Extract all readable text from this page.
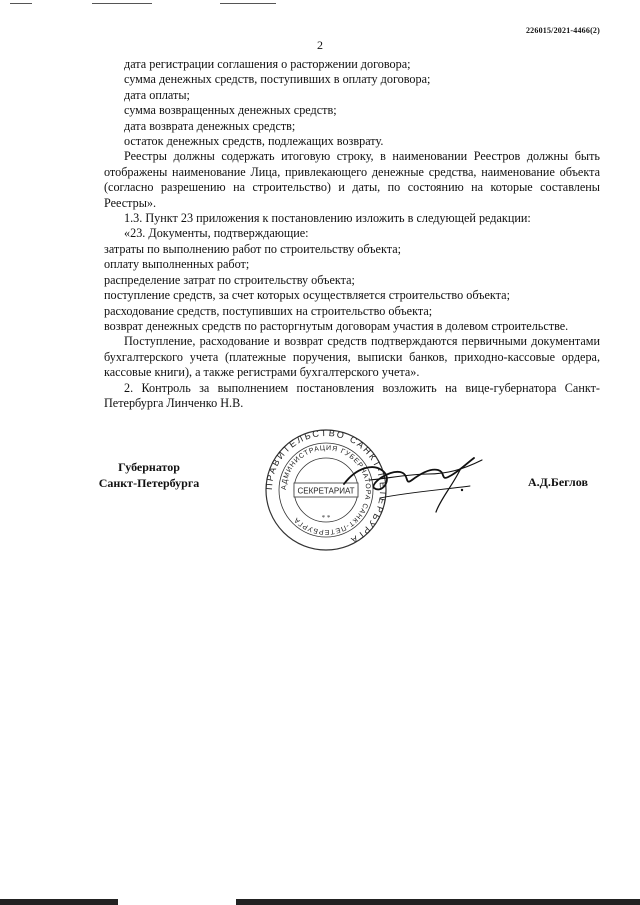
226015/2021-4466(2)
2
дата регистрации соглашения о расторжении договора;
сумма денежных средств, поступивших в оплату договора;
дата оплаты;
сумма возвращенных денежных средств;
дата возврата денежных средств;
остаток денежных средств, подлежащих возврату.
Реестры должны содержать итоговую строку, в наименовании Реестров должны быть отображены наименование Лица, привлекающего денежные средства, наименование объекта (согласно разрешению на строительство) и даты, по состоянию на которые составлены Реестры».
1.3. Пункт 23 приложения к постановлению изложить в следующей редакции:
«23. Документы, подтверждающие:
затраты по выполнению работ по строительству объекта;
оплату выполненных работ;
распределение затрат по строительству объекта;
поступление средств, за счет которых осуществляется строительство объекта;
расходование средств, поступивших на строительство объекта;
возврат денежных средств по расторгнутым договорам участия в долевом строительстве.
Поступление, расходование и возврат средств подтверждаются первичными документами бухгалтерского учета (платежные поручения, выписки банков, приходно-кассовые ордера, кассовые книги), а также регистрами бухгалтерского учета».
2. Контроль за выполнением постановления возложить на вице-губернатора Санкт-Петербурга Линченко Н.В.
Губернатор
Санкт-Петербурга	ПРАВИТЕЛЬСТВО САНКТ-ПЕТЕРБУРГА
АДМИНИСТРАЦИЯ ГУБЕРНАТОРА САНКТ-ПЕТЕРБУРГА
СЕКРЕТАРИАТ
* *
А.Д.Беглов
